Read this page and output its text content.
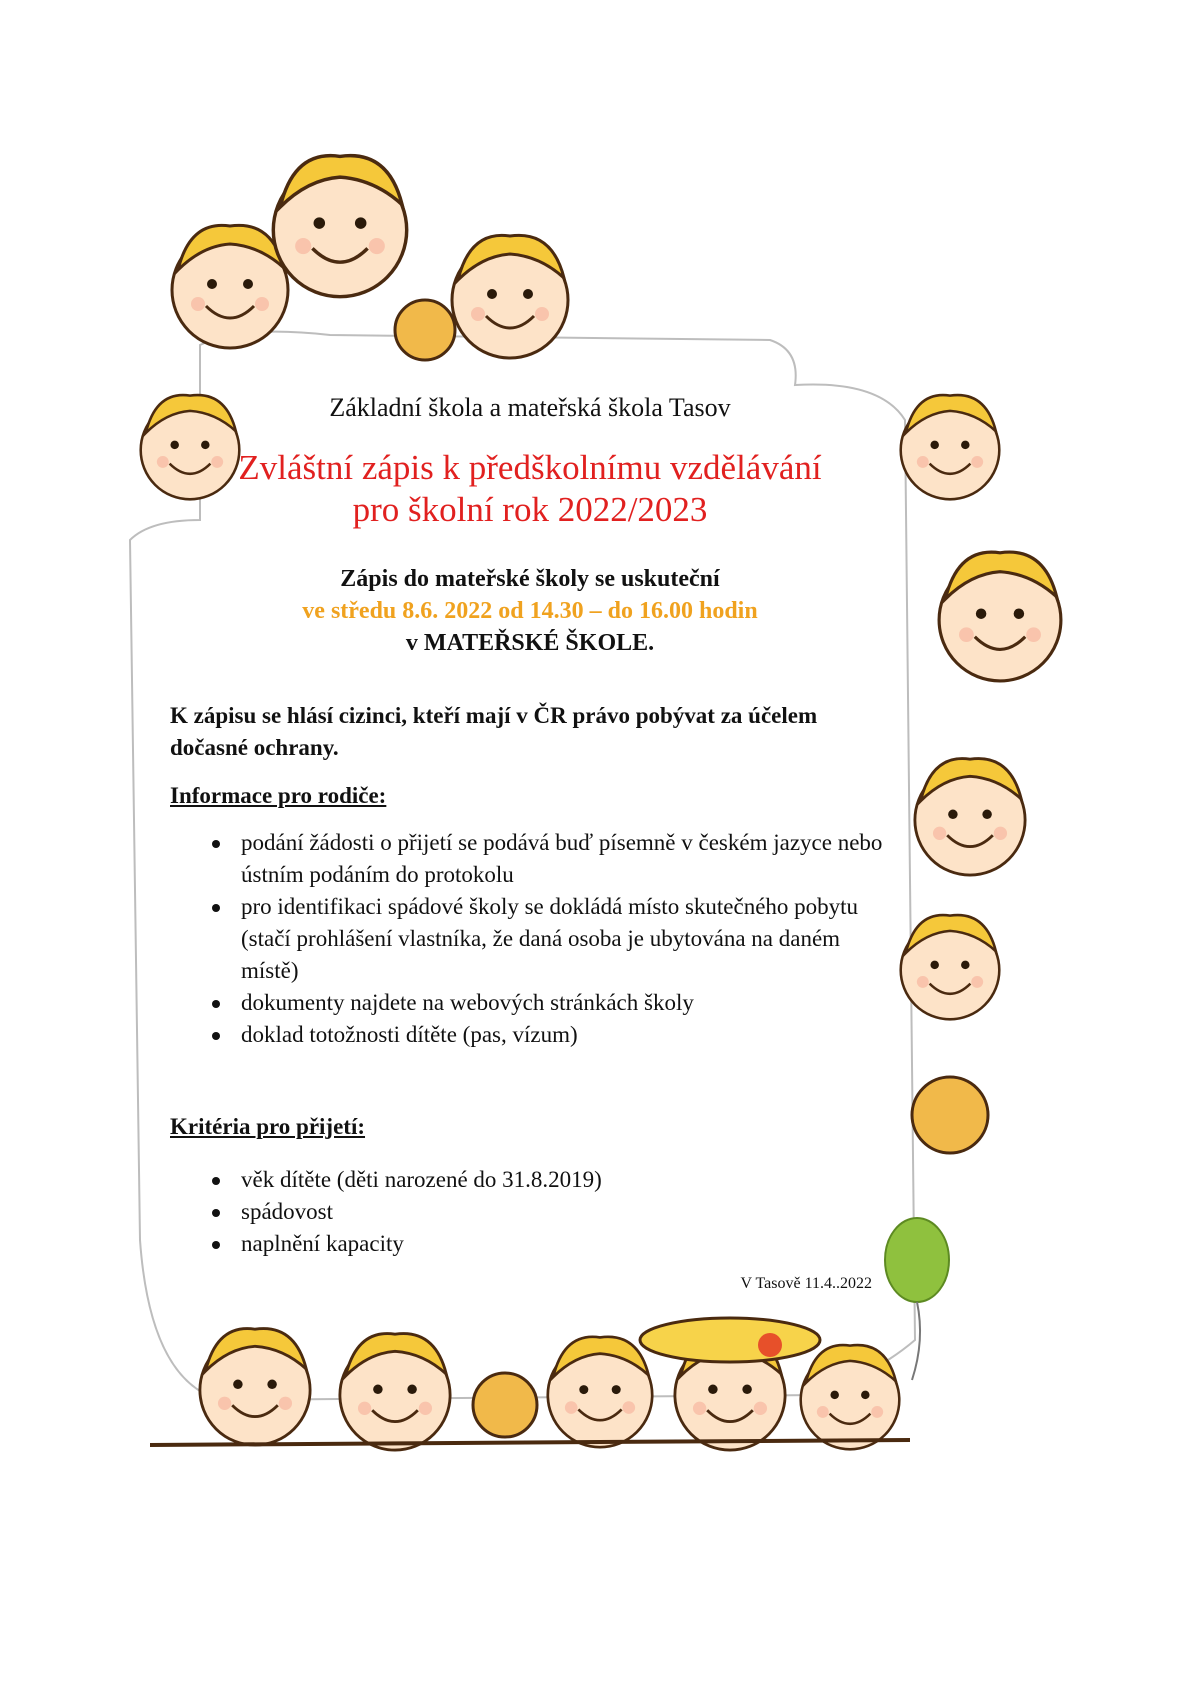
Základní škola a mateřská škola Tasov
Zvláštní zápis k předškolnímu vzdělávání
pro školní rok 2022/2023
Zápis do mateřské školy se uskuteční
ve středu 8.6. 2022 od 14.30 – do 16.00 hodin
v MATEŘSKÉ ŠKOLE.
K zápisu se hlásí cizinci, kteří mají v ČR právo pobývat za účelem dočasné ochrany.
Informace pro rodiče:
podání žádosti o přijetí se podává buď písemně v českém jazyce nebo ústním podáním do protokolu
pro identifikaci spádové školy se dokládá místo skutečného pobytu (stačí prohlášení vlastníka, že daná osoba je ubytována na daném místě)
dokumenty najdete na webových stránkách školy
doklad totožnosti dítěte (pas, vízum)
Kritéria pro přijetí:
věk dítěte (děti narozené do 31.8.2019)
spádovost
naplnění kapacity
V Tasově 11.4..2022
